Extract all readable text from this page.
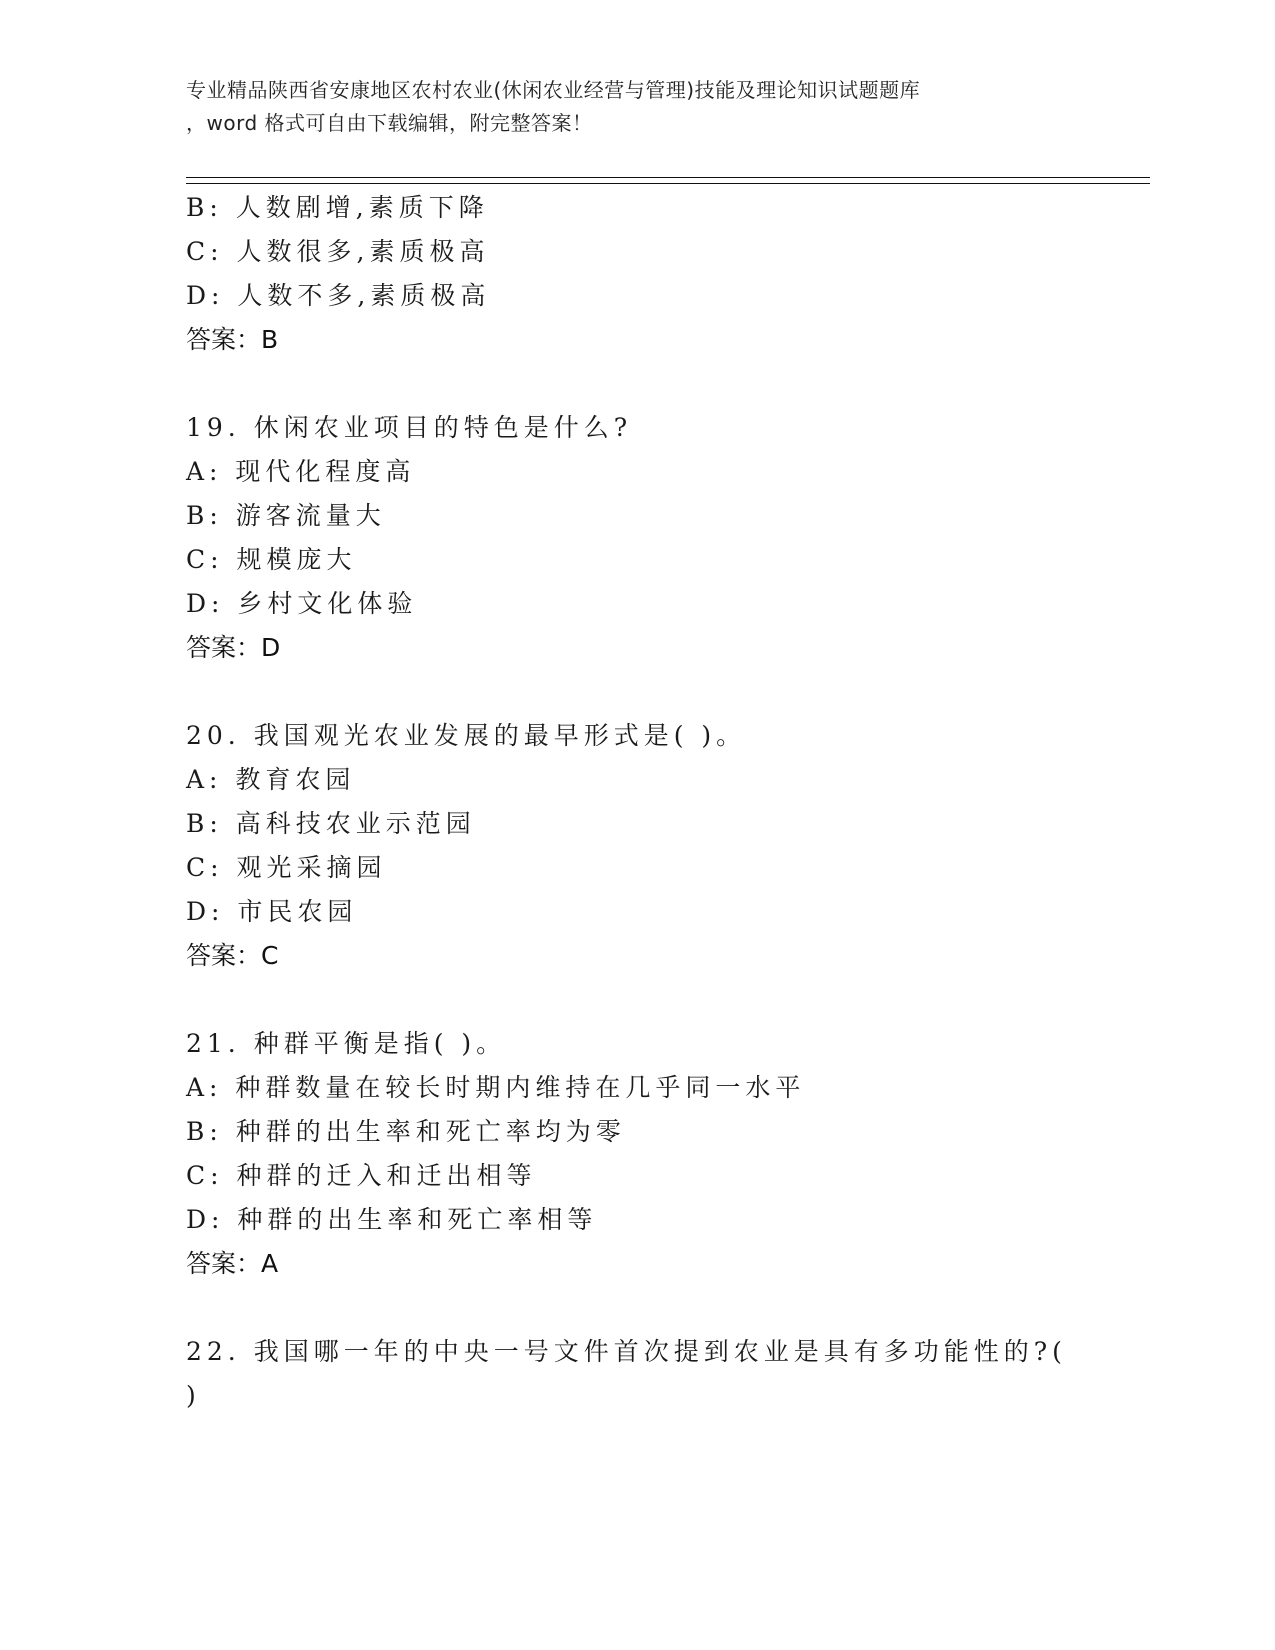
专业精品陕西省安康地区农村农业(休闲农业经营与管理)技能及理论知识试题题库
，word 格式可自由下载编辑，附完整答案！
B: 人数剧增,素质下降
C: 人数很多,素质极高
D: 人数不多,素质极高
答案：B
19. 休闲农业项目的特色是什么?
A: 现代化程度高
B: 游客流量大
C: 规模庞大
D: 乡村文化体验
答案：D
20. 我国观光农业发展的最早形式是( )。
A: 教育农园
B: 高科技农业示范园
C: 观光采摘园
D: 市民农园
答案：C
21. 种群平衡是指( )。
A: 种群数量在较长时期内维持在几乎同一水平
B: 种群的出生率和死亡率均为零
C: 种群的迁入和迁出相等
D: 种群的出生率和死亡率相等
答案：A
22. 我国哪一年的中央一号文件首次提到农业是具有多功能性的?(
)
